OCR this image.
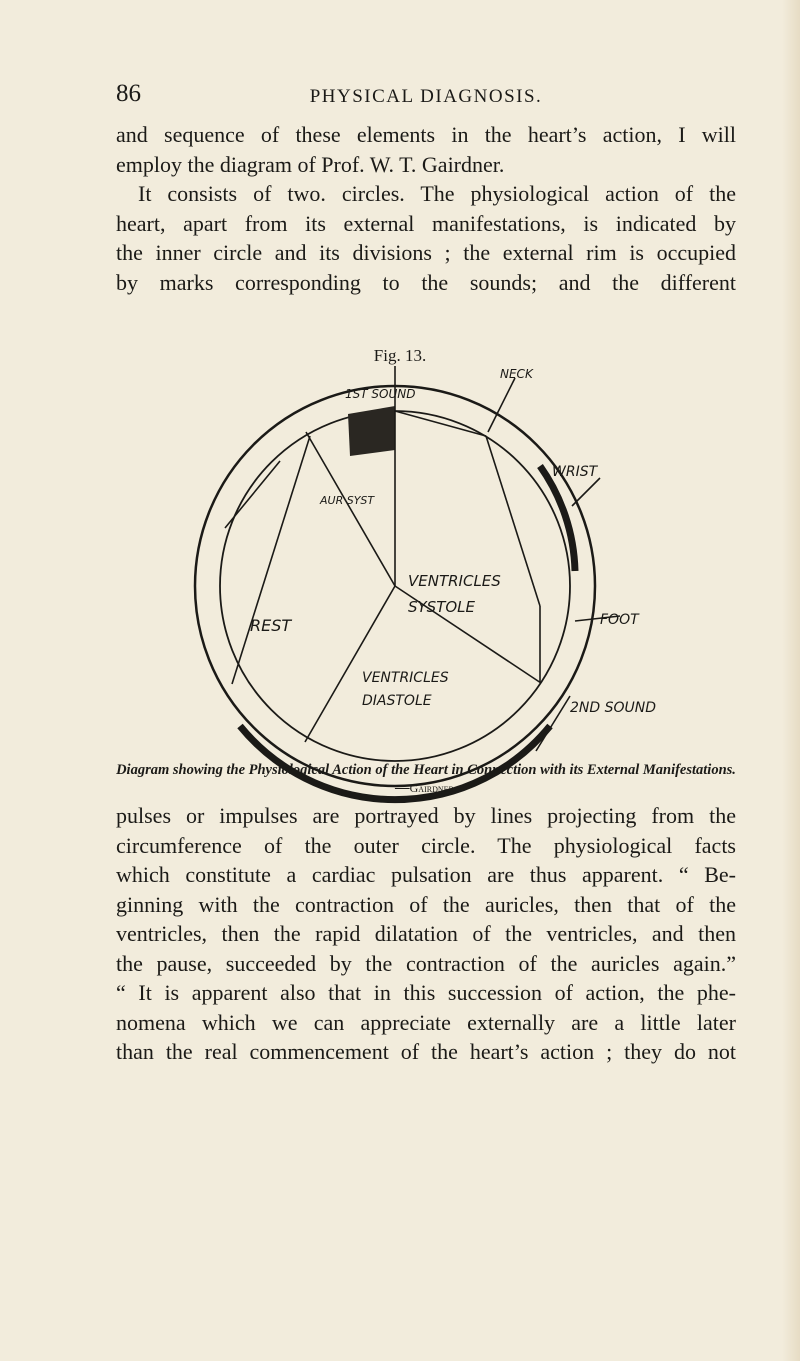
86	PHYSICAL DIAGNOSIS.

and sequence of these elements in the heart’s action, I will
employ the diagram of Prof. W. T. Gairdner.
It consists of two. circles. The physiological action of the
heart, apart from its external manifestations, is indicated by
the inner circle and its divisions ; the external rim is occupied
by marks corresponding to the sounds; and the different

Fig. 13.
1ST SOUND
NECK
WRIST
AUR SYST
FOOT
REST
VENTRICLES
SYSTOLE
VENTRICLES
DIASTOLE	2ND SOUND
Diagram showing the Physiological Action of the Heart in Connection with its External Manifestations.—Gairdner.

pulses or impulses are portrayed by lines projecting from the
circumference of the outer circle. The physiological facts
which constitute a cardiac pulsation are thus apparent. “ Be-
ginning with the contraction of the auricles, then that of the
ventricles, then the rapid dilatation of the ventricles, and then
the pause, succeeded by the contraction of the auricles again.”
“ It is apparent also that in this succession of action, the phe-
nomena which we can appreciate externally are a little later
than the real commencement of the heart’s action ; they do not
